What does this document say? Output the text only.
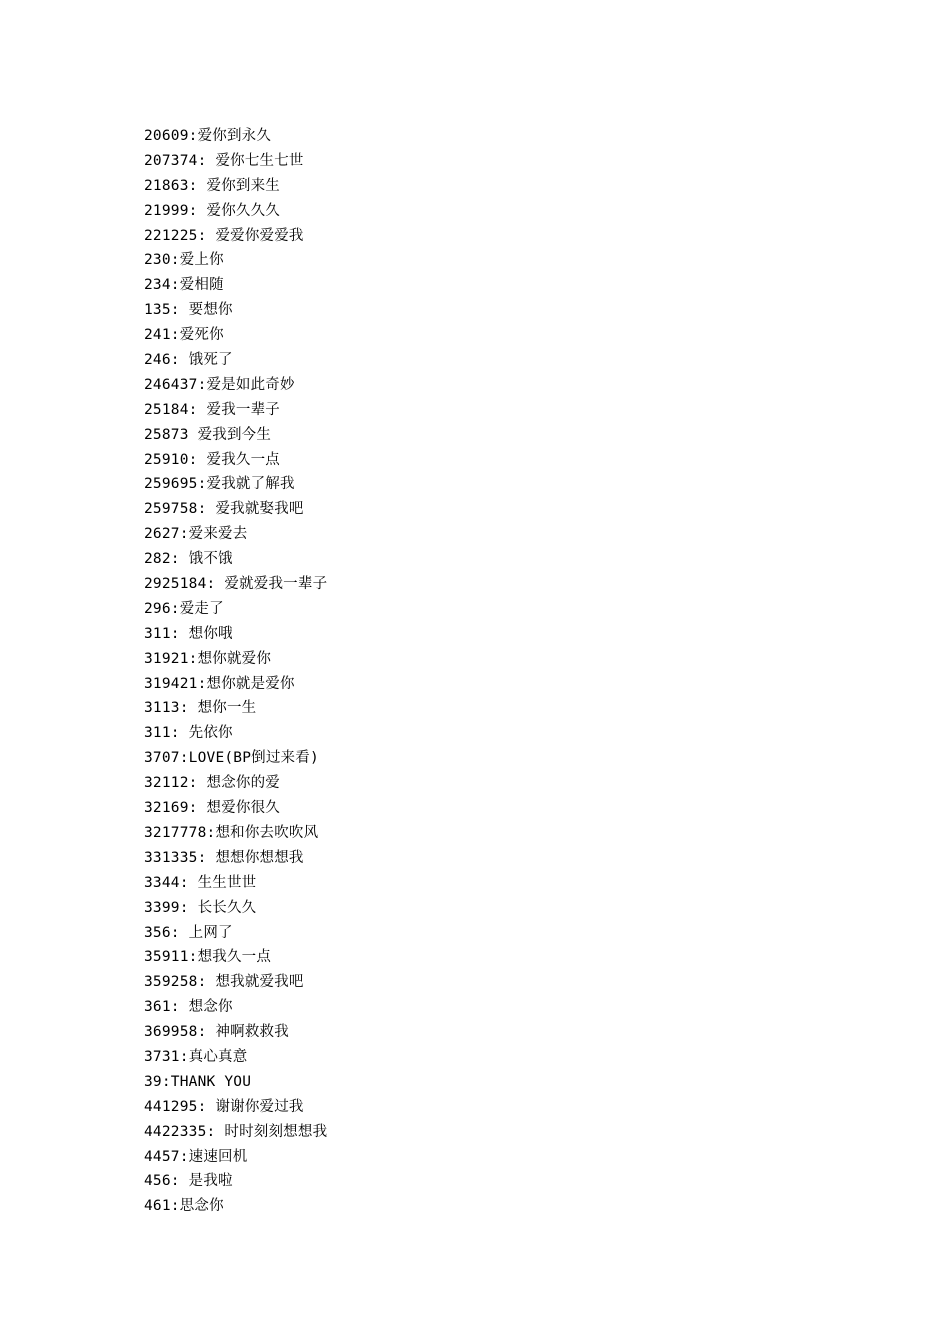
20609:爱你到永久
207374: 爱你七生七世
21863: 爱你到来生
21999: 爱你久久久
221225: 爱爱你爱爱我
230:爱上你
234:爱相随
135: 要想你
241:爱死你
246: 饿死了
246437:爱是如此奇妙
25184: 爱我一辈子
25873 爱我到今生
25910: 爱我久一点
259695:爱我就了解我
259758: 爱我就娶我吧
2627:爱来爱去
282: 饿不饿
2925184: 爱就爱我一辈子
296:爱走了
311: 想你哦
31921:想你就爱你
319421:想你就是爱你
3113: 想你一生
311: 先依你
3707:LOVE(BP倒过来看)
32112: 想念你的爱
32169: 想爱你很久
3217778:想和你去吹吹风
331335: 想想你想想我
3344: 生生世世
3399: 长长久久
356: 上网了
35911:想我久一点
359258: 想我就爱我吧
361: 想念你
369958: 神啊救救我
3731:真心真意
39:THANK YOU
441295: 谢谢你爱过我
4422335: 时时刻刻想想我
4457:速速回机
456: 是我啦
461:思念你
